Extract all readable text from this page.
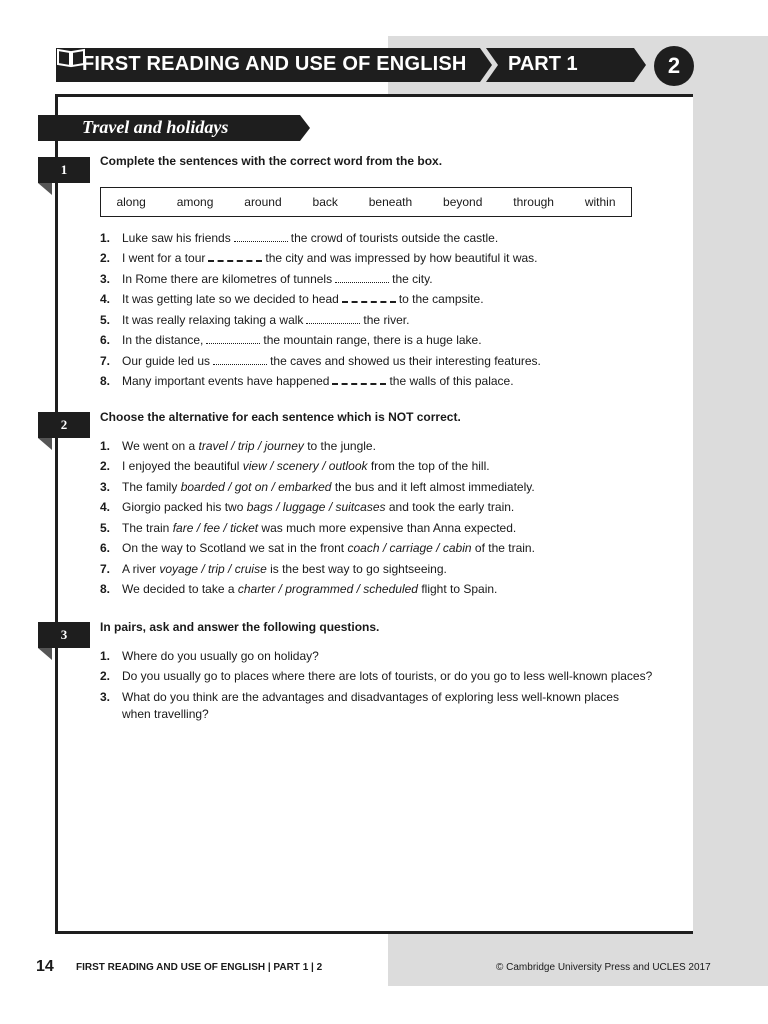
FIRST READING AND USE OF ENGLISH PART 1	2
Travel and holidays
1
Complete the sentences with the correct word from the box.
along	among	around	back	beneath	beyond	through	within
1. Luke saw his friends	the crowd of tourists outside the castle.
2. I went for a tour	the city and was impressed by how beautiful it was.
3. In Rome there are kilometres of tunnels	the city.
4. It was getting late so we decided to head	to the campsite.
5. It was really relaxing taking a walk	the river.
6. In the distance,	the mountain range, there is a huge lake.
7. Our guide led us	the caves and showed us their interesting features.
8. Many important events have happened	the walls of this palace.
2	Choose the alternative for each sentence which is NOT correct.
1. We went on a travel / trip / journey to the jungle.
2. I enjoyed the beautiful view / scenery / outlook from the top of the hill.
3. The family boarded / got on / embarked the bus and it left almost immediately.
4. Giorgio packed his two bags / luggage / suitcases and took the early train.
5. The train fare / fee / ticket was much more expensive than Anna expected.
6. On the way to Scotland we sat in the front coach / carriage / cabin of the train.
7. A river voyage / trip / cruise is the best way to go sightseeing.
8. We decided to take a charter / programmed / scheduled flight to Spain.
3	In pairs, ask and answer the following questions.
1. Where do you usually go on holiday?
2. Do you usually go to places where there are lots of tourists, or do you go to less well-known places?
3. What do you think are the advantages and disadvantages of exploring less well-known places when travelling?
14 FIRST READING AND USE OF ENGLISH | PART 1 | 2	© Cambridge University Press and UCLES 2017
